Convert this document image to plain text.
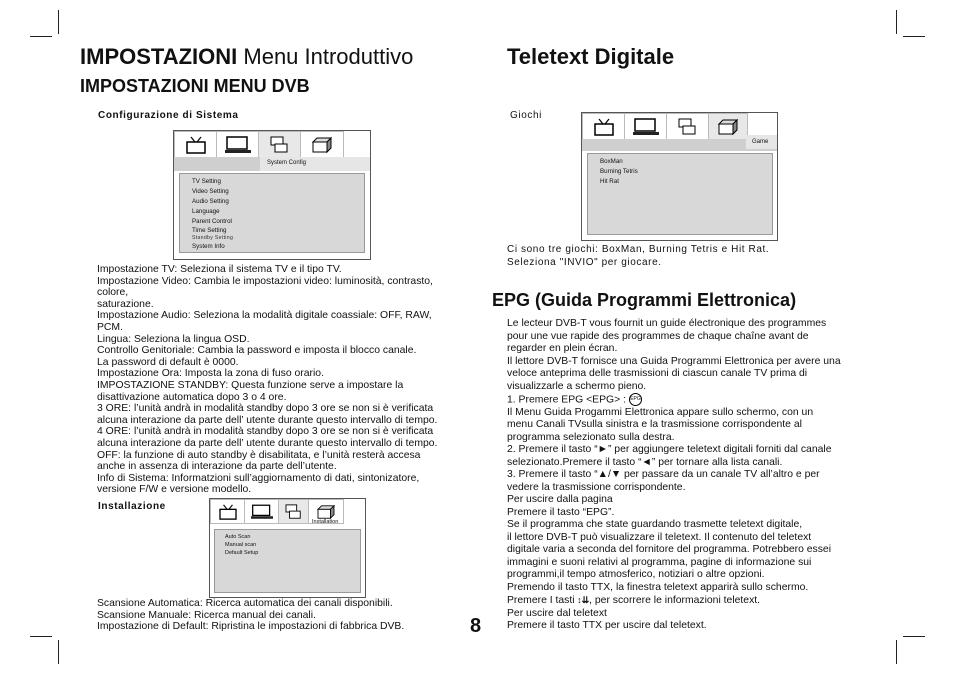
IMPOSTAZIONI Menu Introduttivo
IMPOSTAZIONI MENU DVB
Configurazione di Sistema
System Config
TV Setting
Video Setting
Audio Setting
Language
Parent Control
Time Setting
Standby Setting
System Info
Impostazione TV: Seleziona il sistema TV e il tipo TV.
Impostazione Video: Cambia le impostazioni video: luminosità, contrasto,
colore,
saturazione.
Impostazione Audio: Seleziona la modalità digitale coassiale: OFF, RAW,
PCM.
Lingua: Seleziona la lingua OSD.
Controllo Genitoriale: Cambia la password e imposta il blocco canale.
La password di default è 0000.
Impostazione Ora: Imposta la zona di fuso orario.
IMPOSTAZIONE STANDBY: Questa funzione serve a impostare la
disattivazione automatica dopo 3 o 4 ore.
3 ORE: l’unità andrà in modalità standby dopo 3 ore se non si è verificata
alcuna interazione da parte dell’ utente durante questo intervallo di tempo.
4 ORE: l’unità andrà in modalità standby dopo 3 ore se non si è verificata
alcuna interazione da parte dell’ utente durante questo intervallo di tempo.
OFF: la funzione di auto standby è disabilitata, e l’unità resterà accesa
anche in assenza di interazione da parte dell’utente.
Info di Sistema: Informatzioni sull’aggiornamento di dati, sintonizatore,
versione F/W e versione modello.
Installazione
Installation
Auto Scan
Manual scan
Default Setup
Scansione Automatica: Ricerca automatica dei canali disponibili.
Scansione Manuale: Ricerca manual dei canali.
Impostazione di Default: Ripristina le impostazioni di fabbrica DVB.	8
Teletext Digitale
Giochi
Game
BoxMan
Burning Tetris
Hit Rat
Ci sono tre giochi: BoxMan, Burning Tetris e Hit Rat.
Seleziona "INVIO" per giocare.
EPG (Guida Programmi Elettronica)
Le lecteur DVB-T vous fournit un guide électronique des programmes
pour une vue rapide des programmes de chaque chaîne avant de
regarder en plein écran.
Il lettore DVB-T fornisce una Guida Programmi Elettronica per avere una
veloce anteprima delle trasmissioni di ciascun canale TV prima di
visualizzarle a schermo pieno.
1. Premere EPG <EPG> : EPG
Il Menu Guida Progammi Elettronica appare sullo schermo, con un
menu Canali TVsulla sinistra e la trasmissione corrispondente al
programma selezionato sulla destra.
2. Premere il tasto “►” per aggiungere teletext digitali forniti dal canale
selezionato.Premere il tasto “◄” per tornare alla lista canali.
3. Premere il tasto “▲/▼ per passare da un canale TV all’altro e per
vedere la trasmissione corrispondente.
Per uscire dalla pagina
Premere il tasto “EPG”.
Se il programma che state guardando trasmette teletext digitale,
il lettore DVB-T può visualizzare il teletext. Il contenuto del teletext
digitale varia a seconda del fornitore del programma. Potrebbero essei
immagini e suoni relativi al programma, pagine di informazione sui
programmi,il tempo atmosferico, notiziari o altre opzioni.
Premendo il tasto TTX, la finestra teletext apparirà sullo schermo.
Premere I tasti ↕⇊, per scorrere le informazioni teletext.
Per uscire dal teletext
Premere il tasto TTX per uscire dal teletext.
